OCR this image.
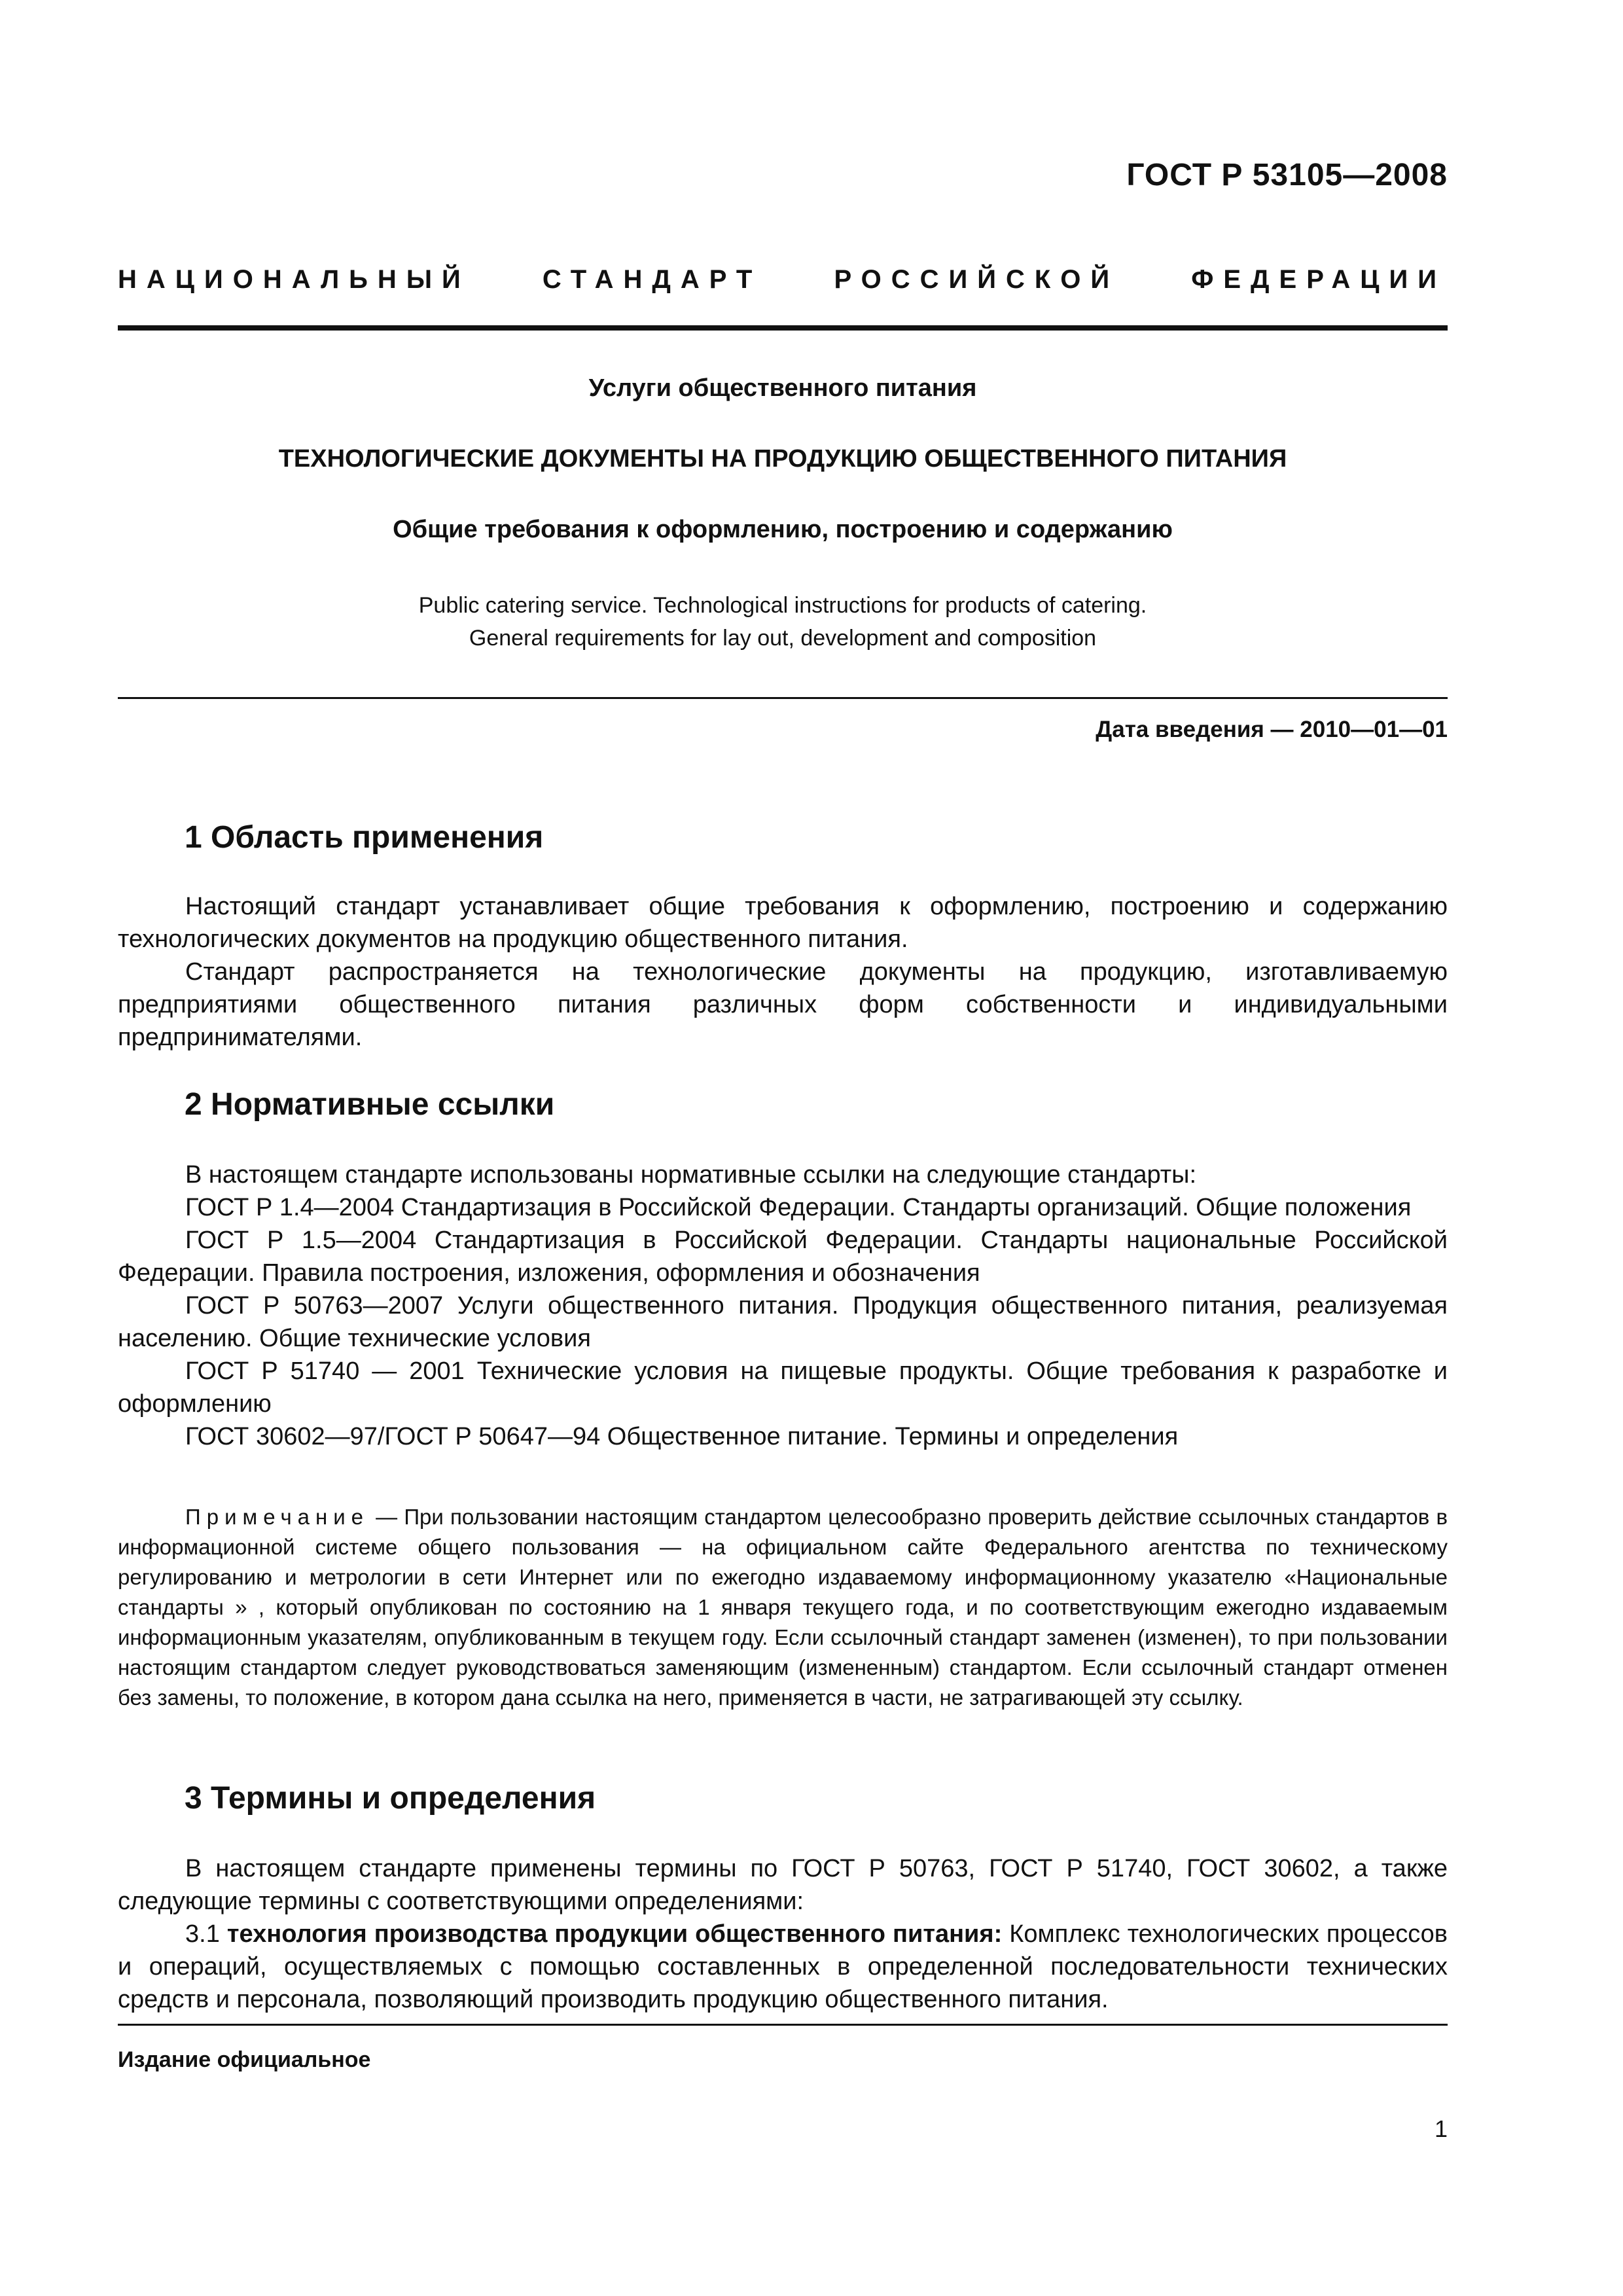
ГОСТ Р 53105—2008
НАЦИОНАЛЬНЫЙ	СТАНДАРТ	РОССИЙСКОЙ	ФЕДЕРАЦИИ
Услуги общественного питания
ТЕХНОЛОГИЧЕСКИЕ ДОКУМЕНТЫ НА ПРОДУКЦИЮ ОБЩЕСТВЕННОГО ПИТАНИЯ
Общие требования к оформлению, построению и содержанию
Public catering service. Technological instructions for products of catering.
General requirements for lay out, development and composition
Дата введения — 2010—01—01
1 Область применения

Настоящий стандарт устанавливает общие требования к оформлению, построению и содержанию технологических документов на продукцию общественного питания.

Стандарт распространяется на технологические документы на продукцию, изготавливаемую предприятиями общественного питания различных форм собственности и индивидуальными предпринимателями.

2 Нормативные ссылки

В настоящем стандарте использованы нормативные ссылки на следующие стандарты:

ГОСТ Р 1.4—2004 Стандартизация в Российской Федерации. Стандарты организаций. Общие положения

ГОСТ Р 1.5—2004 Стандартизация в Российской Федерации. Стандарты национальные Российской Федерации. Правила построения, изложения, оформления и обозначения

ГОСТ Р 50763—2007 Услуги общественного питания. Продукция общественного питания, реализуемая населению. Общие технические условия

ГОСТ Р 51740 — 2001 Технические условия на пищевые продукты. Общие требования к разработке и оформлению

ГОСТ 30602—97/ГОСТ Р 50647—94 Общественное питание. Термины и определения

Примечание — При пользовании настоящим стандартом целесообразно проверить действие ссылочных стандартов в информационной системе общего пользования — на официальном сайте Федерального агентства по техническому регулированию и метрологии в сети Интернет или по ежегодно издаваемому информационному указателю «Национальные стандарты » , который опубликован по состоянию на 1 января текущего года, и по соответствующим ежегодно издаваемым информационным указателям, опубликованным в текущем году. Если ссылочный стандарт заменен (изменен), то при пользовании настоящим стандартом следует руководствоваться заменяющим (измененным) стандартом. Если ссылочный стандарт отменен без замены, то положение, в котором дана ссылка на него, применяется в части, не затрагивающей эту ссылку.

3 Термины и определения

В настоящем стандарте применены термины по ГОСТ Р 50763, ГОСТ Р 51740, ГОСТ 30602, а также следующие термины с соответствующими определениями:

3.1 технология производства продукции общественного питания: Комплекс технологических процессов и операций, осуществляемых с помощью составленных в определенной последовательности технических средств и персонала, позволяющий производить продукцию общественного питания.

Издание официальное
1
